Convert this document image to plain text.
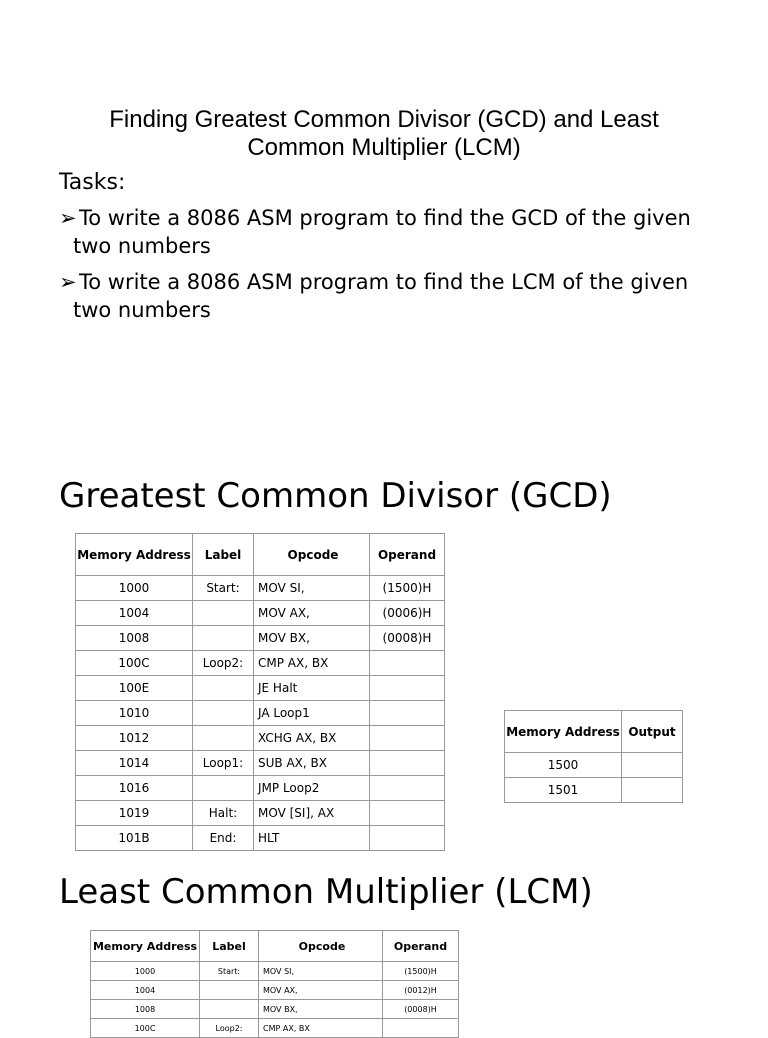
Finding Greatest Common Divisor (GCD) and Least Common Multiplier (LCM)
Tasks:
➢ To write a 8086 ASM program to find the GCD of the given two numbers
➢ To write a 8086 ASM program to find the LCM of the given two numbers
Greatest Common Divisor (GCD)
Memory Address	Label	Opcode	Operand
1000	Start:	MOV SI,	(1500)H
1004		MOV AX,	(0006)H
1008		MOV BX,	(0008)H
100C	Loop2:	CMP AX, BX	
100E		JE Halt	
1010		JA Loop1	
1012		XCHG AX, BX	
1014	Loop1:	SUB AX, BX	
1016		JMP Loop2	
1019	Halt:	MOV [SI], AX	
101B	End:	HLT	
Memory Address	Output
1500	
1501	
Least Common Multiplier (LCM)
Memory Address	Label	Opcode	Operand
1000	Start:	MOV SI,	(1500)H
1004		MOV AX,	(0012)H
1008		MOV BX,	(0008)H
100C	Loop2:	CMP AX, BX	
